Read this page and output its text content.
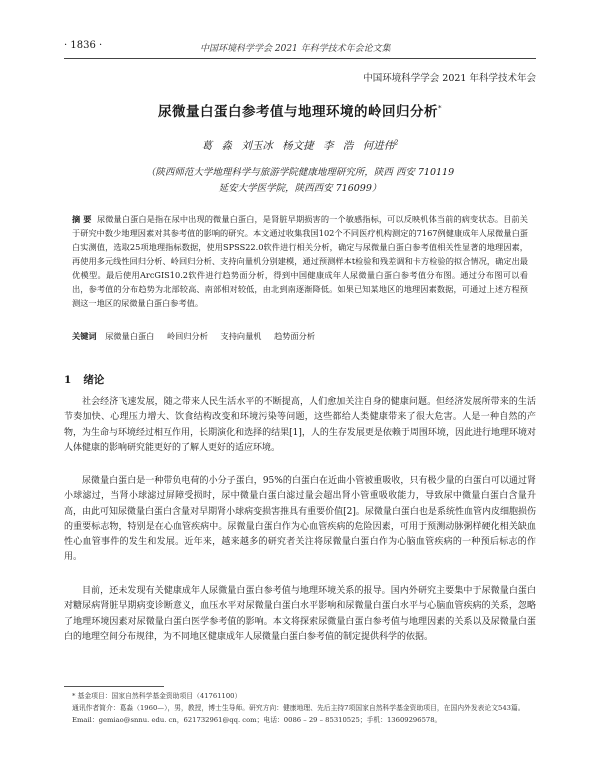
· 1836 ·	中国环境科学学会 2021 年科学技术年会论文集
中国环境科学学会 2021 年科学技术年会
尿微量白蛋白参考值与地理环境的岭回归分析*
葛 淼 刘玉冰 杨文捷 李 浩 何进伟$^2$
（陕西师范大学地理科学与旅游学院健康地理研究所，陕西 西安 710119
延安大学医学院，陕西西安 716099）
摘 要 尿微量白蛋白是指在尿中出现的微量白蛋白，是肾脏早期损害的一个敏感指标，可以反映机体当前的病变状态。目前关于研究中数少地理因素对其参考值的影响的研究。本文通过收集我国102个不同医疗机构测定的7167例健康成年人尿微量白蛋白实测值，选取25项地理指标数据，使用SPSS22.0软件进行相关分析，确定与尿微量白蛋白参考值相关性显著的地理因素，再使用多元线性回归分析、岭回归分析、支持向量机分别建模，通过预测样本t检验和残差调和卡方检验的拟合情况，确定出最优模型。最后使用ArcGIS10.2软件进行趋势面分析，得到中国健康成年人尿微量白蛋白参考值分布图。通过分布图可以看出，参考值的分布趋势为北部较高、南部相对较低，由北到南逐渐降低。如果已知某地区的地理因素数据，可通过上述方程预测这一地区的尿微量白蛋白参考值。
关键词 尿微量白蛋白 岭回归分析 支持向量机 趋势面分析
1 绪论
社会经济飞速发展，随之带来人民生活水平的不断提高，人们愈加关注自身的健康问题。但经济发展所带来的生活节奏加快、心理压力增大、饮食结构改变和环境污染等问题，这些都给人类健康带来了很大危害。人是一种自然的产物，为生命与环境经过相互作用，长期演化和选择的结果[1]，人的生存发展更是依赖于周围环境，因此进行地理环境对人体健康的影响研究能更好的了解人更好的适应环境。
尿微量白蛋白是一种带负电荷的小分子蛋白，95%的白蛋白在近曲小管被重吸收，只有极少量的白蛋白可以通过肾小球滤过，当肾小球滤过屏障受损时，尿中微量白蛋白滤过量会超出肾小管重吸收能力，导致尿中微量白蛋白含量升高，由此可知尿微量白蛋白含量对早期肾小球病变损害推具有重要价值[2]。尿微量白蛋白也是系统性血管内皮细胞损伤的重要标志物，特别是在心血管疾病中。尿微量白蛋白作为心血管疾病的危险因素，可用于预测动脉粥样硬化相关缺血性心血管事件的发生和发展。近年来，越来越多的研究者关注将尿微量白蛋白作为心脑血管疾病的一种预后标志的作用。
目前，还未发现有关健康成年人尿微量白蛋白参考值与地理环境关系的报导。国内外研究主要集中于尿微量白蛋白对糖尿病肾脏早期病变诊断意义，血压水平对尿微量白蛋白水平影响和尿微量白蛋白水平与心脑血管疾病的关系，忽略了地理环境因素对尿微量白蛋白医学参考值的影响。本文将探索尿微量白蛋白参考值与地理因素的关系以及尿微量白蛋白的地理空间分布规律，为不同地区健康成年人尿微量白蛋白参考值的制定提供科学的依据。
* 基金项目：国家自然科学基金资助项目（41761100）
通讯作者简介：葛淼（1960—），男，教授，博士生导师。研究方向：健康地理、先后主持7项国家自然科学基金资助项目，在国内外发表论文543篇。Email：gemiao@snnu. edu. cn，621732961@qq. com；电话：0086 – 29 – 85310525；手机：13609296578。
